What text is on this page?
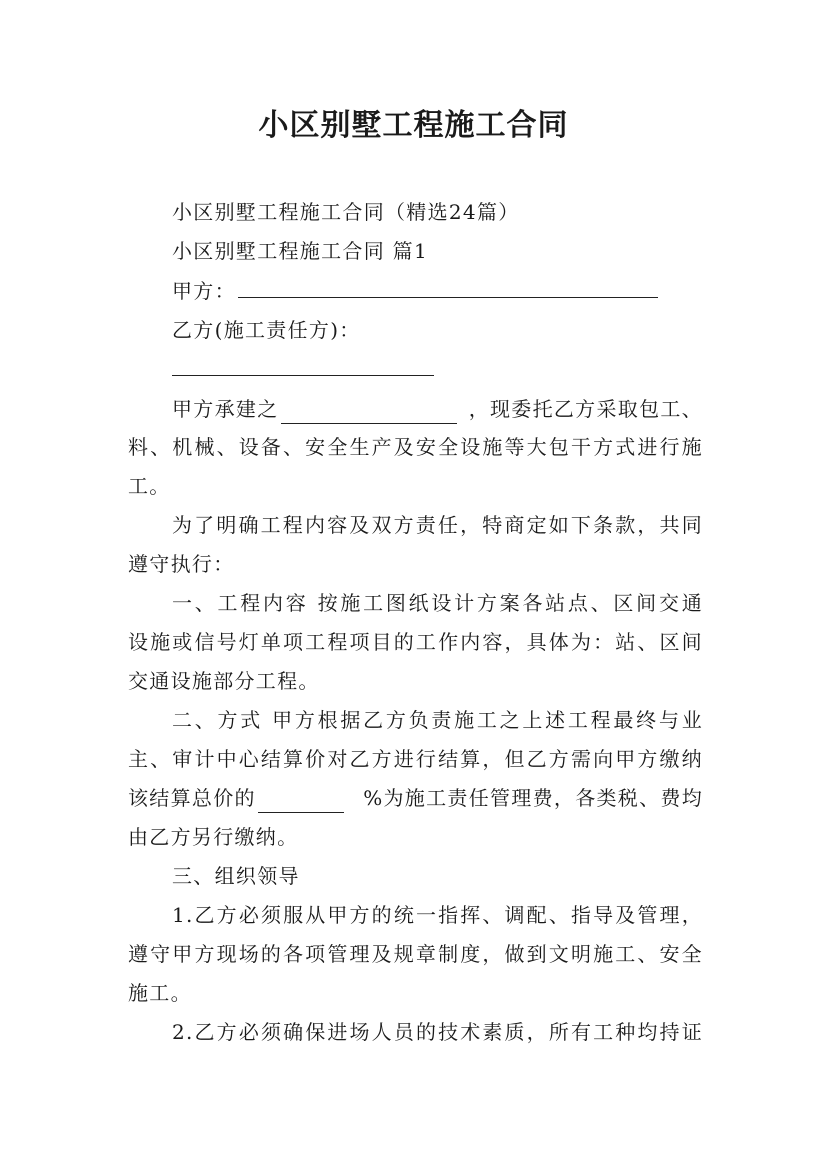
小区别墅工程施工合同
小区别墅工程施工合同（精选24篇）
小区别墅工程施工合同 篇1
甲方：
乙方(施工责任方)：
甲方承建之	，现委托乙方采取包工、
料、机械、设备、安全生产及安全设施等大包干方式进行施
工。
为了明确工程内容及双方责任，特商定如下条款，共同
遵守执行：
一、工程内容 按施工图纸设计方案各站点、区间交通
设施或信号灯单项工程项目的工作内容，具体为：站、区间
交通设施部分工程。
二、方式 甲方根据乙方负责施工之上述工程最终与业
主、审计中心结算价对乙方进行结算，但乙方需向甲方缴纳
该结算总价的	%为施工责任管理费，各类税、费均
由乙方另行缴纳。
三、组织领导
1.乙方必须服从甲方的统一指挥、调配、指导及管理，
遵守甲方现场的各项管理及规章制度，做到文明施工、安全
施工。
2.乙方必须确保进场人员的技术素质，所有工种均持证
